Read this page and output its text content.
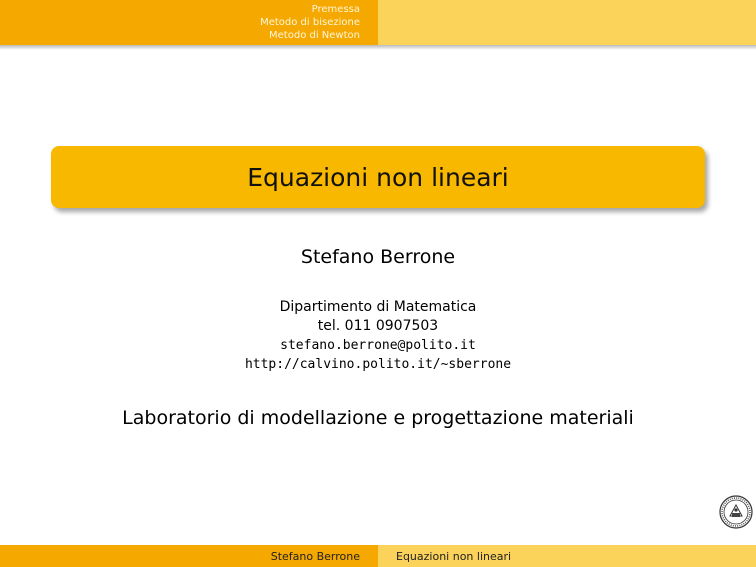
Premessa
Metodo di bisezione
Metodo di Newton
Equazioni non lineari
Stefano Berrone
Dipartimento di Matematica
tel. 011 0907503
stefano.berrone@polito.it
http://calvino.polito.it/~sberrone
Laboratorio di modellazione e progettazione materiali
Stefano Berrone	Equazioni non lineari
